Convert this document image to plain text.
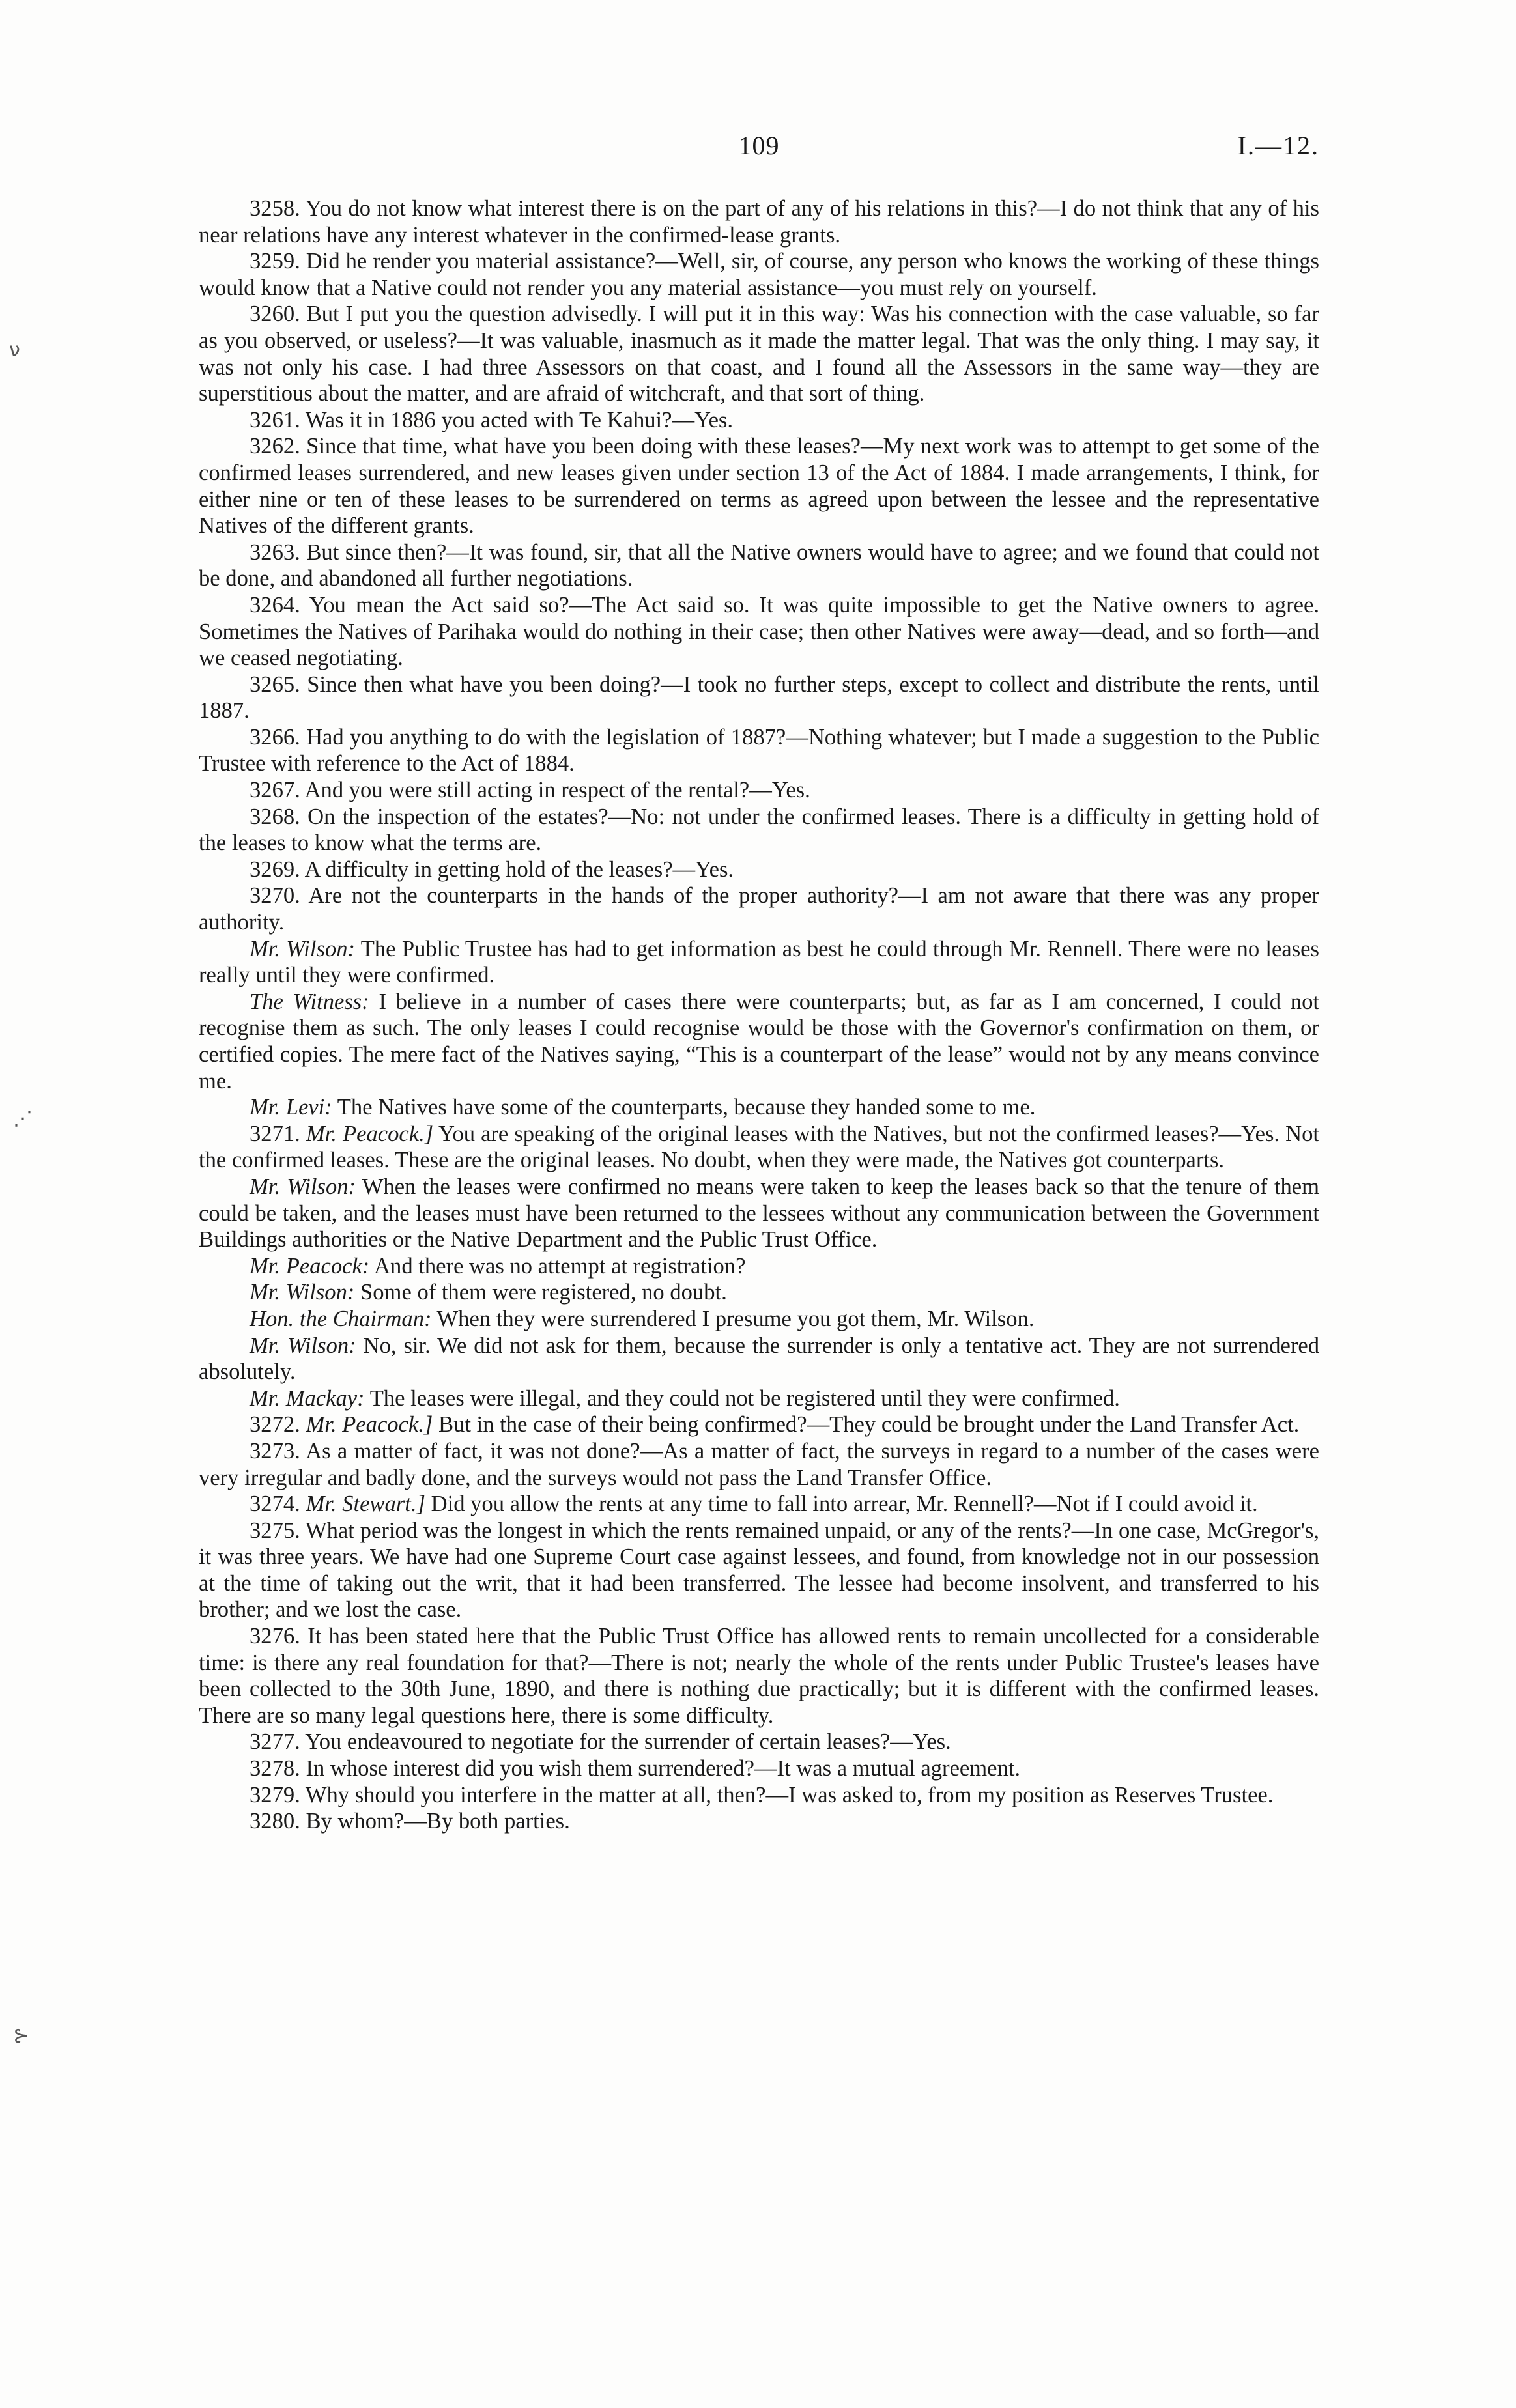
109	I.—12.
ν
⋰
⊱

3258. You do not know what interest there is on the part of any of his relations in this?—I do not think that any of his near relations have any interest whatever in the confirmed-lease grants.

3259. Did he render you material assistance?—Well, sir, of course, any person who knows the working of these things would know that a Native could not render you any material assistance—you must rely on yourself.

3260. But I put you the question advisedly. I will put it in this way: Was his connection with the case valuable, so far as you observed, or useless?—It was valuable, inasmuch as it made the matter legal. That was the only thing. I may say, it was not only his case. I had three Assessors on that coast, and I found all the Assessors in the same way—they are superstitious about the matter, and are afraid of witchcraft, and that sort of thing.

3261. Was it in 1886 you acted with Te Kahui?—Yes.

3262. Since that time, what have you been doing with these leases?—My next work was to attempt to get some of the confirmed leases surrendered, and new leases given under section 13 of the Act of 1884. I made arrangements, I think, for either nine or ten of these leases to be surrendered on terms as agreed upon between the lessee and the representative Natives of the different grants.

3263. But since then?—It was found, sir, that all the Native owners would have to agree; and we found that could not be done, and abandoned all further negotiations.

3264. You mean the Act said so?—The Act said so. It was quite impossible to get the Native owners to agree. Sometimes the Natives of Parihaka would do nothing in their case; then other Natives were away—dead, and so forth—and we ceased negotiating.

3265. Since then what have you been doing?—I took no further steps, except to collect and distribute the rents, until 1887.

3266. Had you anything to do with the legislation of 1887?—Nothing whatever; but I made a suggestion to the Public Trustee with reference to the Act of 1884.

3267. And you were still acting in respect of the rental?—Yes.

3268. On the inspection of the estates?—No: not under the confirmed leases. There is a difficulty in getting hold of the leases to know what the terms are.

3269. A difficulty in getting hold of the leases?—Yes.

3270. Are not the counterparts in the hands of the proper authority?—I am not aware that there was any proper authority.

Mr. Wilson: The Public Trustee has had to get information as best he could through Mr. Rennell. There were no leases really until they were confirmed.

The Witness: I believe in a number of cases there were counterparts; but, as far as I am concerned, I could not recognise them as such. The only leases I could recognise would be those with the Governor's confirmation on them, or certified copies. The mere fact of the Natives saying, “This is a counterpart of the lease” would not by any means convince me.

Mr. Levi: The Natives have some of the counterparts, because they handed some to me.

3271. Mr. Peacock.] You are speaking of the original leases with the Natives, but not the confirmed leases?—Yes. Not the confirmed leases. These are the original leases. No doubt, when they were made, the Natives got counterparts.

Mr. Wilson: When the leases were confirmed no means were taken to keep the leases back so that the tenure of them could be taken, and the leases must have been returned to the lessees without any communication between the Government Buildings authorities or the Native Department and the Public Trust Office.

Mr. Peacock: And there was no attempt at registration?

Mr. Wilson: Some of them were registered, no doubt.

Hon. the Chairman: When they were surrendered I presume you got them, Mr. Wilson.

Mr. Wilson: No, sir. We did not ask for them, because the surrender is only a tentative act. They are not surrendered absolutely.

Mr. Mackay: The leases were illegal, and they could not be registered until they were confirmed.

3272. Mr. Peacock.] But in the case of their being confirmed?—They could be brought under the Land Transfer Act.

3273. As a matter of fact, it was not done?—As a matter of fact, the surveys in regard to a number of the cases were very irregular and badly done, and the surveys would not pass the Land Transfer Office.

3274. Mr. Stewart.] Did you allow the rents at any time to fall into arrear, Mr. Rennell?—Not if I could avoid it.

3275. What period was the longest in which the rents remained unpaid, or any of the rents?—In one case, McGregor's, it was three years. We have had one Supreme Court case against lessees, and found, from knowledge not in our possession at the time of taking out the writ, that it had been transferred. The lessee had become insolvent, and transferred to his brother; and we lost the case.

3276. It has been stated here that the Public Trust Office has allowed rents to remain uncollected for a considerable time: is there any real foundation for that?—There is not; nearly the whole of the rents under Public Trustee's leases have been collected to the 30th June, 1890, and there is nothing due practically; but it is different with the confirmed leases. There are so many legal questions here, there is some difficulty.

3277. You endeavoured to negotiate for the surrender of certain leases?—Yes.

3278. In whose interest did you wish them surrendered?—It was a mutual agreement.

3279. Why should you interfere in the matter at all, then?—I was asked to, from my position as Reserves Trustee.

3280. By whom?—By both parties.
